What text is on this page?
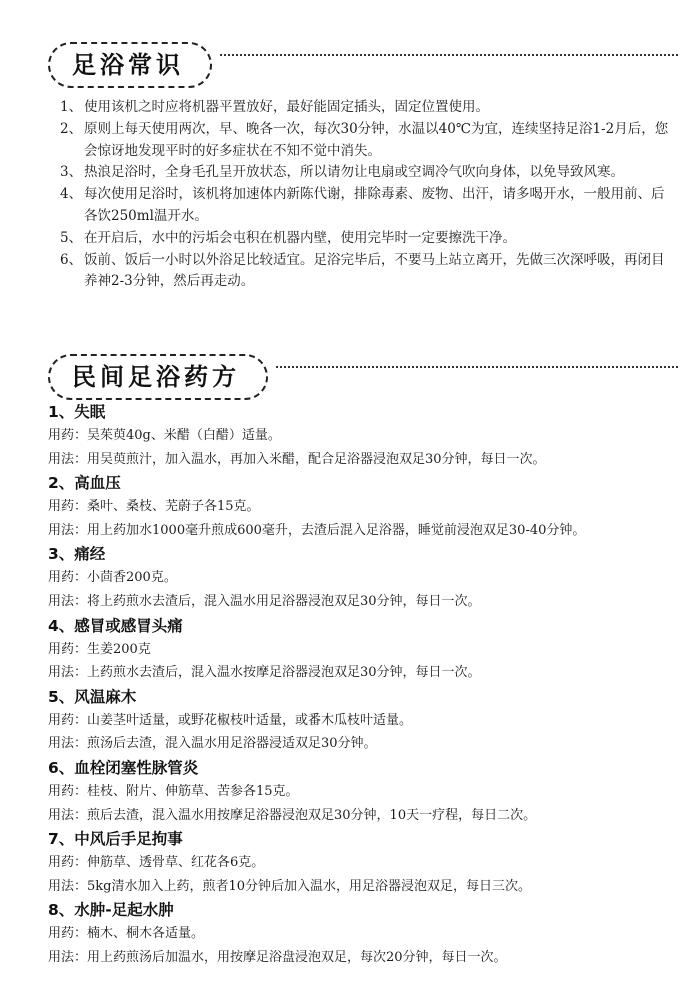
足浴常识
1、 使用该机之时应将机器平置放好，最好能固定插头，固定位置使用。
2、 原则上每天使用两次，早、晚各一次，每次30分钟，水温以40℃为宜，连续坚持足浴1-2月后，您会惊讶地发现平时的好多症状在不知不觉中消失。
3、 热浪足浴时，全身毛孔呈开放状态，所以请勿让电扇或空调冷气吹向身体，以免导致风寒。
4、 每次使用足浴时，该机将加速体内新陈代谢，排除毒素、废物、出汗，请多喝开水，一般用前、后各饮250ml温开水。
5、 在开启后，水中的污垢会屯积在机器内壁，使用完毕时一定要擦洗干净。
6、 饭前、饭后一小时以外浴足比较适宜。足浴完毕后，不要马上站立离开，先做三次深呼吸，再闭目养神2-3分钟，然后再走动。
民间足浴药方
1、失眠
用药： 吴茱萸40g、米醋（白醋）适量。
用法： 用吴萸煎汁，加入温水，再加入米醋，配合足浴器浸泡双足30分钟，每日一次。
2、高血压
用药： 桑叶、桑枝、芜蔚子各15克。
用法：用上药加水1000毫升煎成600毫升，去渣后混入足浴器，睡觉前浸泡双足30-40分钟。
3、痛经
用药： 小茴香200克。
用法： 将上药煎水去渣后，混入温水用足浴器浸泡双足30分钟，每日一次。
4、感冒或感冒头痛
用药： 生姜200克
用法： 上药煎水去渣后，混入温水按摩足浴器浸泡双足30分钟，每日一次。
5、风温麻木
用药： 山姜茎叶适量，或野花椒枝叶适量，或番木瓜枝叶适量。
用法： 煎汤后去渣，混入温水用足浴器浸适双足30分钟。
6、血栓闭塞性脉管炎
用药： 桂枝、附片、伸筋草、苦参各15克。
用法： 煎后去渣，混入温水用按摩足浴器浸泡双足30分钟，10天一疗程，每日二次。
7、中风后手足拘事
用药： 伸筋草、透骨草、红花各6克。
用法： 5kg清水加入上药，煎者10分钟后加入温水，用足浴器浸泡双足，每日三次。
8、水肿-足起水肿
用药： 楠木、桐木各适量。
用法： 用上药煎汤后加温水，用按摩足浴盘浸泡双足，每次20分钟，每日一次。
